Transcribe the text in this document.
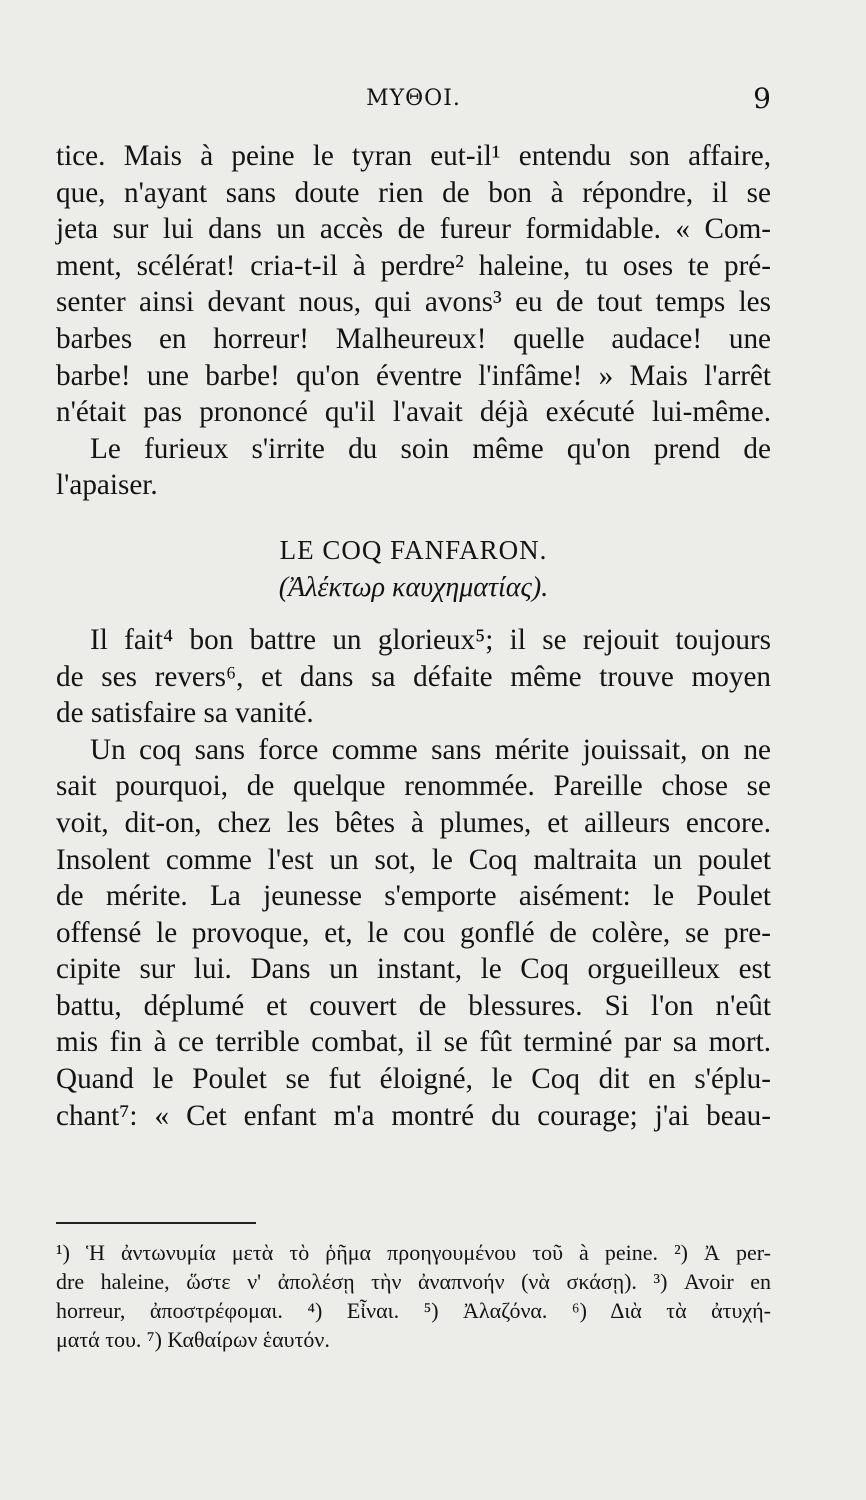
ΜΥΘΟΙ.	9
tice. Mais à peine le tyran eut-il¹ entendu son affaire,
que, n'ayant sans doute rien de bon à répondre, il se
jeta sur lui dans un accès de fureur formidable. « Com-
ment, scélérat! cria-t-il à perdre² haleine, tu oses te pré-
senter ainsi devant nous, qui avons³ eu de tout temps les
barbes en horreur! Malheureux! quelle audace! une
barbe! une barbe! qu'on éventre l'infâme! » Mais l'arrêt
n'était pas prononcé qu'il l'avait déjà exécuté lui-même.
Le furieux s'irrite du soin même qu'on prend de
l'apaiser.
LE COQ FANFARON.
(Ἀλέκτωρ καυχηματίας).
Il fait⁴ bon battre un glorieux⁵; il se rejouit toujours
de ses revers⁶, et dans sa défaite même trouve moyen
de satisfaire sa vanité.
Un coq sans force comme sans mérite jouissait, on ne
sait pourquoi, de quelque renommée. Pareille chose se
voit, dit-on, chez les bêtes à plumes, et ailleurs encore.
Insolent comme l'est un sot, le Coq maltraita un poulet
de mérite. La jeunesse s'emporte aisément: le Poulet
offensé le provoque, et, le cou gonflé de colère, se pre-
cipite sur lui. Dans un instant, le Coq orgueilleux est
battu, déplumé et couvert de blessures. Si l'on n'eût
mis fin à ce terrible combat, il se fût terminé par sa mort.
Quand le Poulet se fut éloigné, le Coq dit en s'éplu-
chant⁷: « Cet enfant m'a montré du courage; j'ai beau-
¹) Ἡ ἀντωνυμία μετὰ τὸ ῥῆμα προηγουμένου τοῦ à peine. ²) Ἀ per-
dre haleine, ὥστε ν' ἀπολέσῃ τὴν ἀναπνοήν (νὰ σκάσῃ). ³) Avoir en
horreur, ἀποστρέφομαι. ⁴) Εἶναι. ⁵) Ἀλαζόνα. ⁶) Διὰ τὰ ἀτυχή-
ματά του. ⁷) Καθαίρων ἑαυτόν.
